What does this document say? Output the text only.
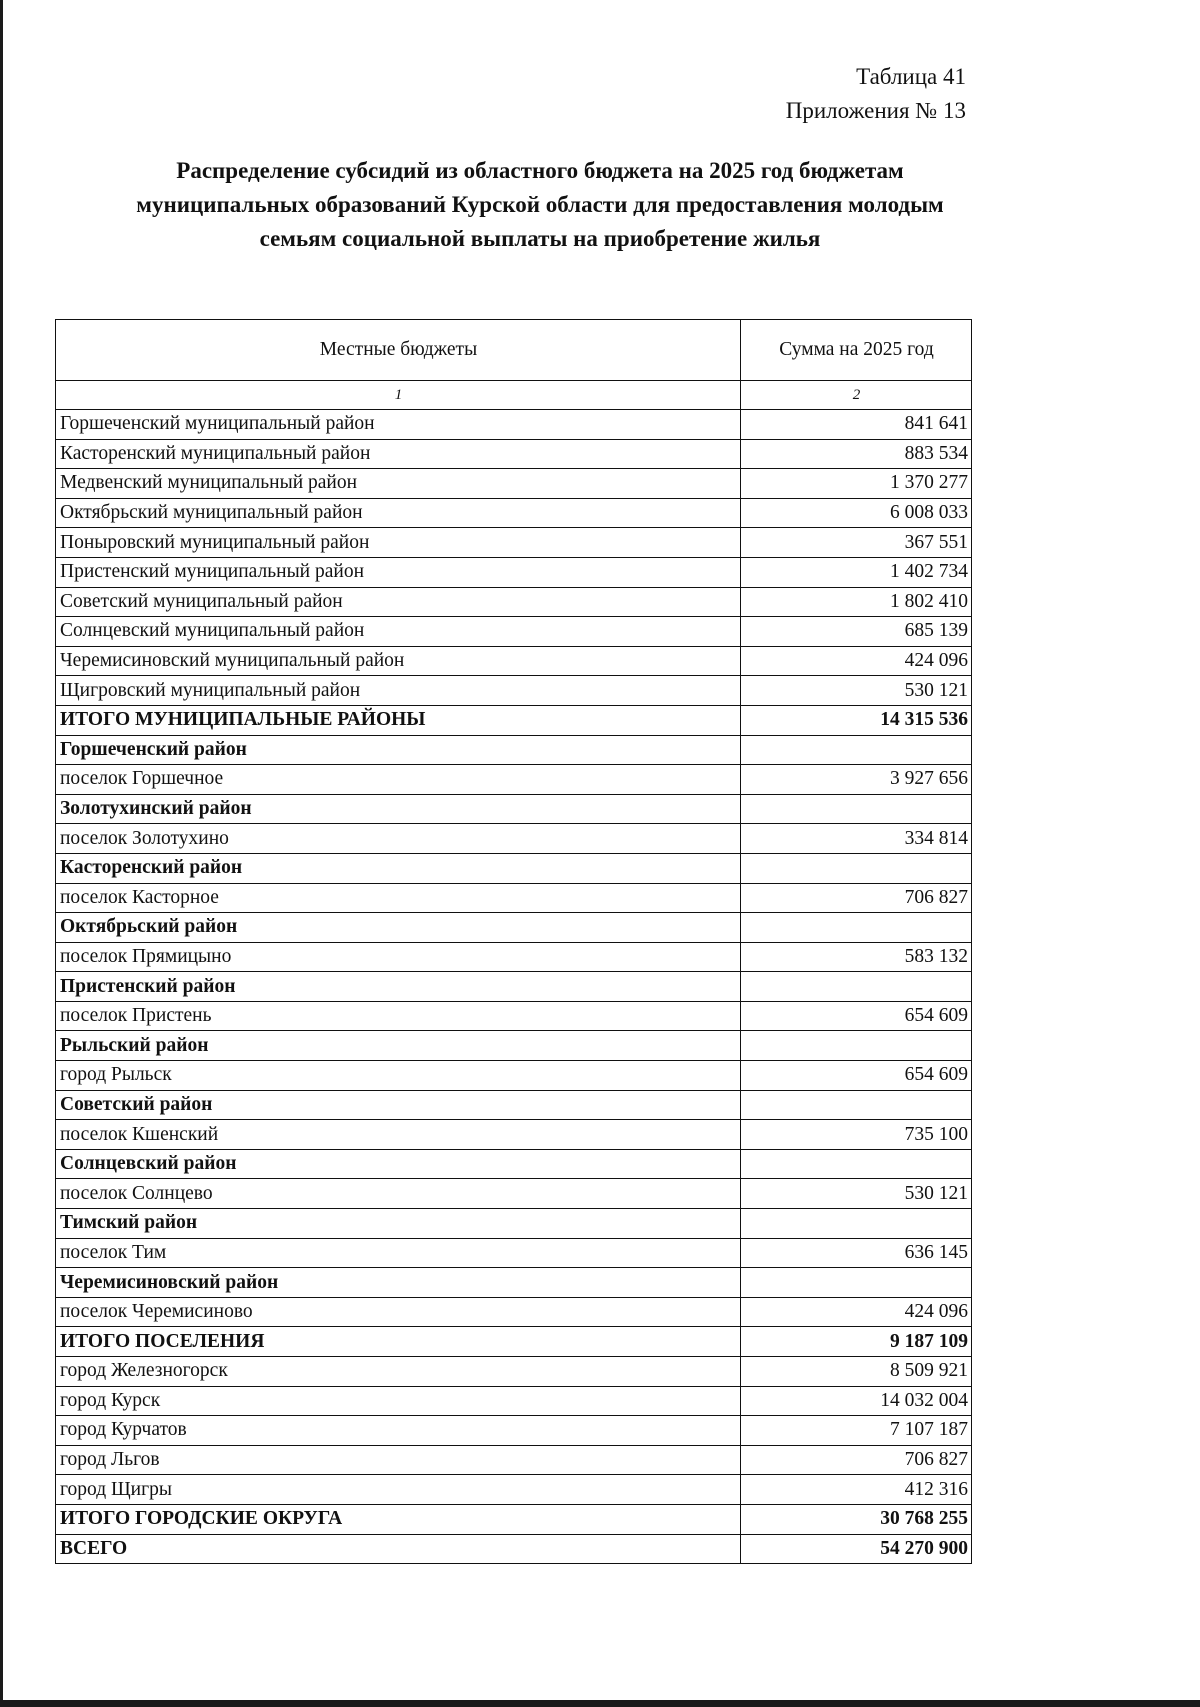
Таблица 41
Приложения № 13
Распределение субсидий из областного бюджета на 2025 год бюджетам
муниципальных образований Курской области для предоставления молодым
семьям социальной выплаты на приобретение жилья
Местные бюджеты	Сумма на 2025 год
1	2
Горшеченский муниципальный район	841 641
Касторенский муниципальный район	883 534
Медвенский муниципальный район	1 370 277
Октябрьский муниципальный район	6 008 033
Поныровский муниципальный район	367 551
Пристенский муниципальный район	1 402 734
Советский муниципальный район	1 802 410
Солнцевский муниципальный район	685 139
Черемисиновский муниципальный район	424 096
Щигровский муниципальный район	530 121
ИТОГО МУНИЦИПАЛЬНЫЕ РАЙОНЫ	14 315 536
Горшеченский район	
поселок Горшечное	3 927 656
Золотухинский район	
поселок Золотухино	334 814
Касторенский район	
поселок Касторное	706 827
Октябрьский район	
поселок Прямицыно	583 132
Пристенский район	
поселок Пристень	654 609
Рыльский район	
город Рыльск	654 609
Советский район	
поселок Кшенский	735 100
Солнцевский район	
поселок Солнцево	530 121
Тимский район	
поселок Тим	636 145
Черемисиновский район	
поселок Черемисиново	424 096
ИТОГО ПОСЕЛЕНИЯ	9 187 109
город Железногорск	8 509 921
город Курск	14 032 004
город Курчатов	7 107 187
город Льгов	706 827
город Щигры	412 316
ИТОГО ГОРОДСКИЕ ОКРУГА	30 768 255
ВСЕГО	54 270 900
